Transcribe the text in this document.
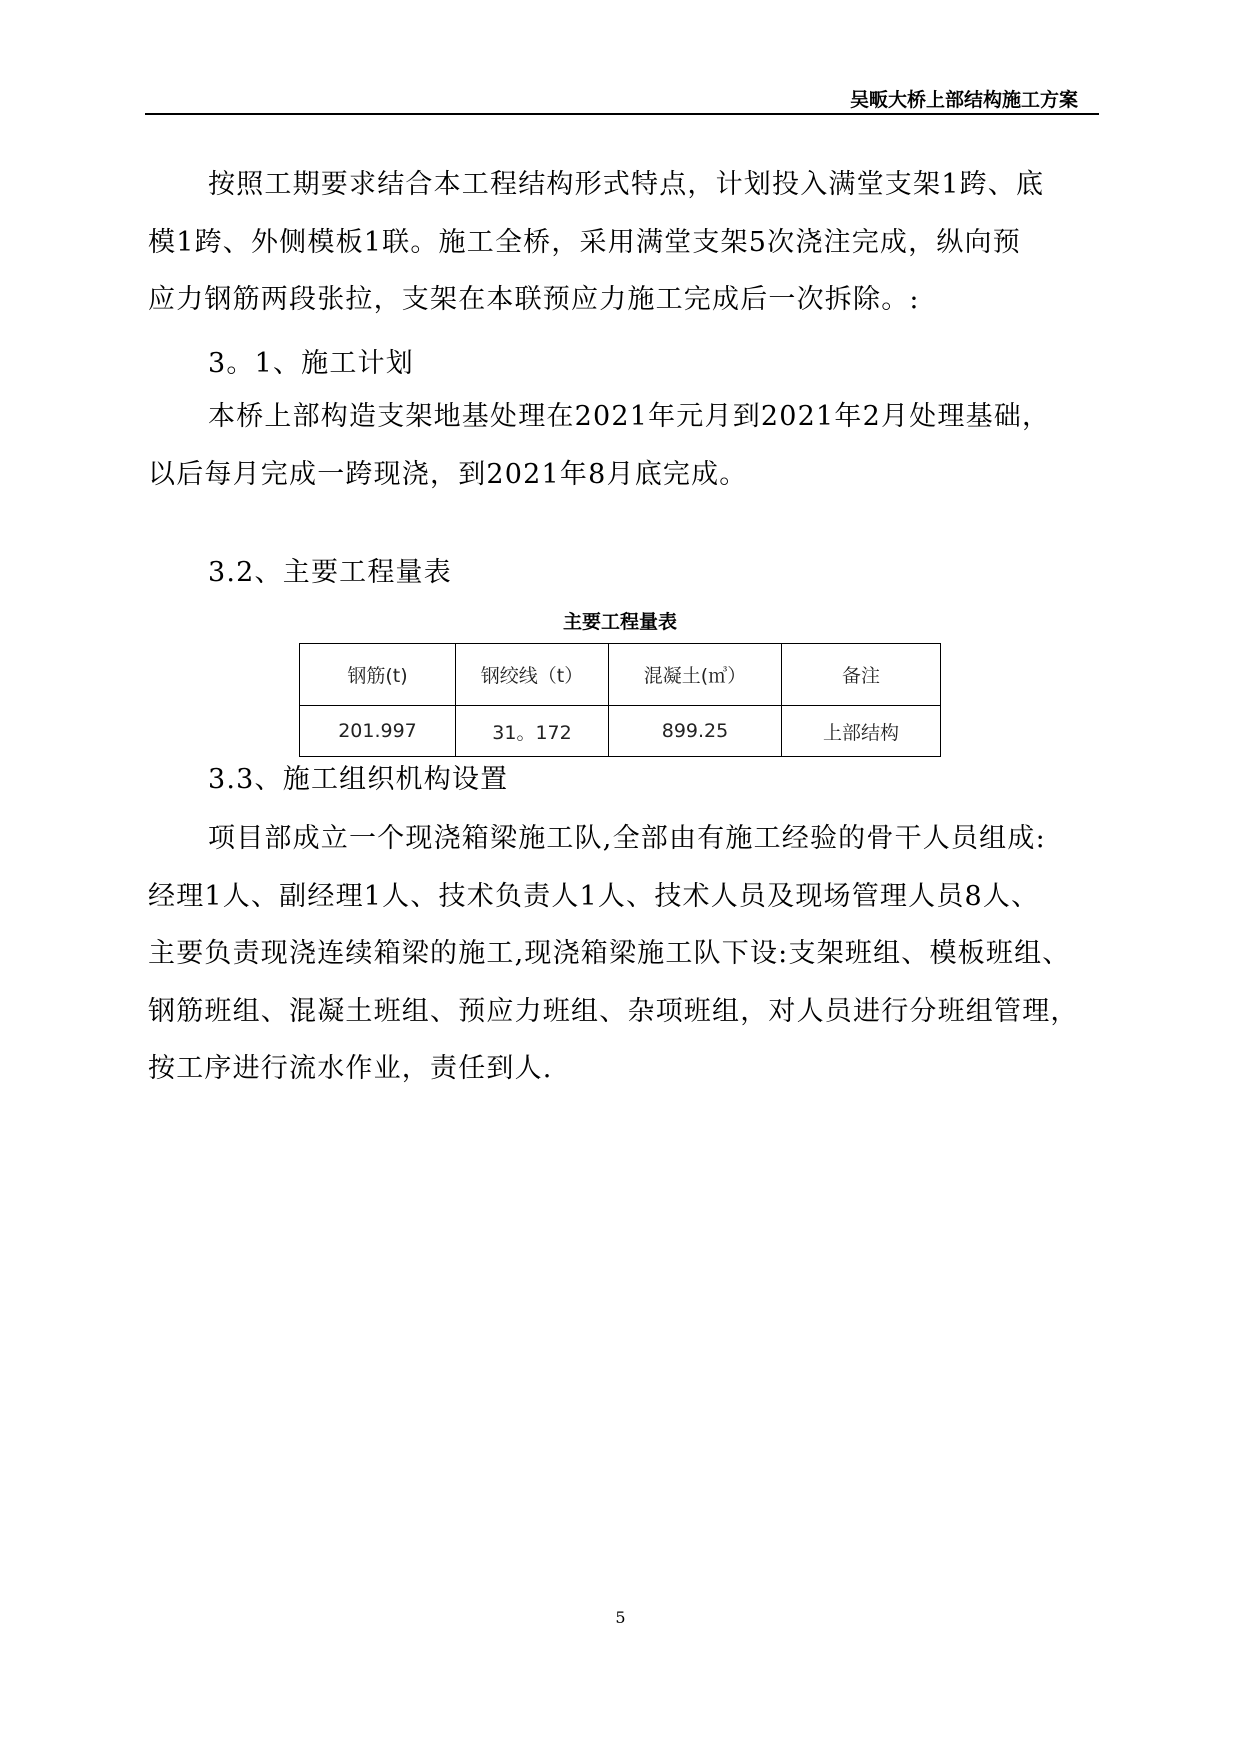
吴畈大桥上部结构施工方案
按照工期要求结合本工程结构形式特点，计划投入满堂支架1跨、底
模1跨、外侧模板1联。施工全桥，采用满堂支架5次浇注完成，纵向预
应力钢筋两段张拉，支架在本联预应力施工完成后一次拆除。:
3。1、施工计划
本桥上部构造支架地基处理在2021年元月到2021年2月处理基础，
以后每月完成一跨现浇，到2021年8月底完成。
3.2、主要工程量表
主要工程量表
钢筋(t)	钢绞线（t）	混凝土(㎥）	备注
201.997	31。172	899.25	上部结构
3.3、施工组织机构设置
项目部成立一个现浇箱梁施工队,全部由有施工经验的骨干人员组成:
经理1人、副经理1人、技术负责人1人、技术人员及现场管理人员8人、
主要负责现浇连续箱梁的施工,现浇箱梁施工队下设:支架班组、模板班组、
钢筋班组、混凝土班组、预应力班组、杂项班组，对人员进行分班组管理，
按工序进行流水作业，责任到人.
5
